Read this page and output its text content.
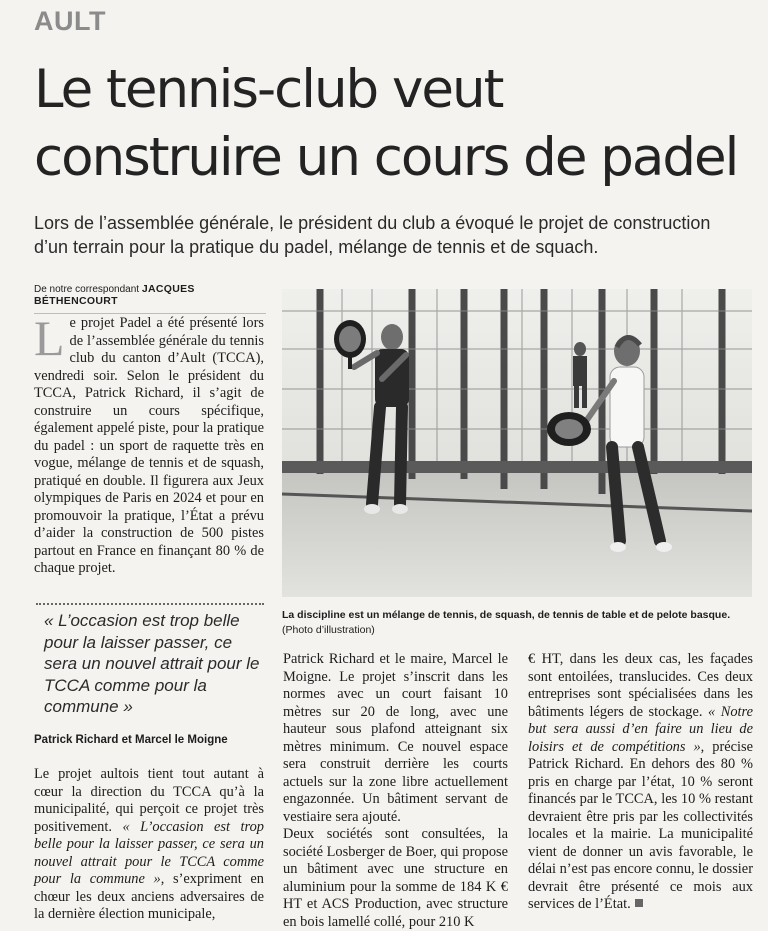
AULT
Le tennis-club veut construire un cours de padel

Lors de l’assemblée générale, le président du club a évoqué le projet de construction d’un terrain pour la pratique du padel, mélange de tennis et de squach.

De notre correspondant JACQUES BÉTHENCOURT

Le projet Padel a été présenté lors de l’assemblée générale du tennis club du canton d’Ault (TCCA), vendredi soir. Selon le président du TCCA, Patrick Richard, il s’agit de construire un cours spécifique, également appelé piste, pour la pratique du padel : un sport de raquette très en vogue, mélange de tennis et de squash, pratiqué en double. Il figurera aux Jeux olympiques de Paris en 2024 et pour en promouvoir la pratique, l’État a prévu d’aider la construction de 500 pistes partout en France en finançant 80 % de chaque projet.

« L’occasion est trop belle pour la laisser passer, ce sera un nouvel attrait pour le TCCA comme pour la commune »

Patrick Richard et Marcel le Moigne

Le projet aultois tient tout autant à cœur la direction du TCCA qu’à la municipalité, qui perçoit ce projet très positivement. « L’occasion est trop belle pour la laisser passer, ce sera un nouvel attrait pour le TCCA comme pour la commune », s’expriment en chœur les deux anciens adversaires de la dernière élection municipale,

La discipline est un mélange de tennis, de squash, de tennis de table et de pelote basque. (Photo d’illustration)

Patrick Richard et le maire, Marcel le Moigne. Le projet s’inscrit dans les normes avec un court faisant 10 mètres sur 20 de long, avec une hauteur sous plafond atteignant six mètres minimum. Ce nouvel espace sera construit derrière les courts actuels sur la zone libre actuellement engazonnée. Un bâtiment servant de vestiaire sera ajouté.
Deux sociétés sont consultées, la société Losberger de Boer, qui propose un bâtiment avec une structure en aluminium pour la somme de 184 K € HT et ACS Production, avec structure en bois lamellé collé, pour 210 K

€ HT, dans les deux cas, les façades sont entoilées, translucides. Ces deux entreprises sont spécialisées dans les bâtiments légers de stockage. « Notre but sera aussi d’en faire un lieu de loisirs et de compétitions », précise Patrick Richard. En dehors des 80 % pris en charge par l’état, 10 % seront financés par le TCCA, les 10 % restant devraient être pris par les collectivités locales et la mairie. La municipalité vient de donner un avis favorable, le délai n’est pas encore connu, le dossier devrait être présenté ce mois aux services de l’État.
